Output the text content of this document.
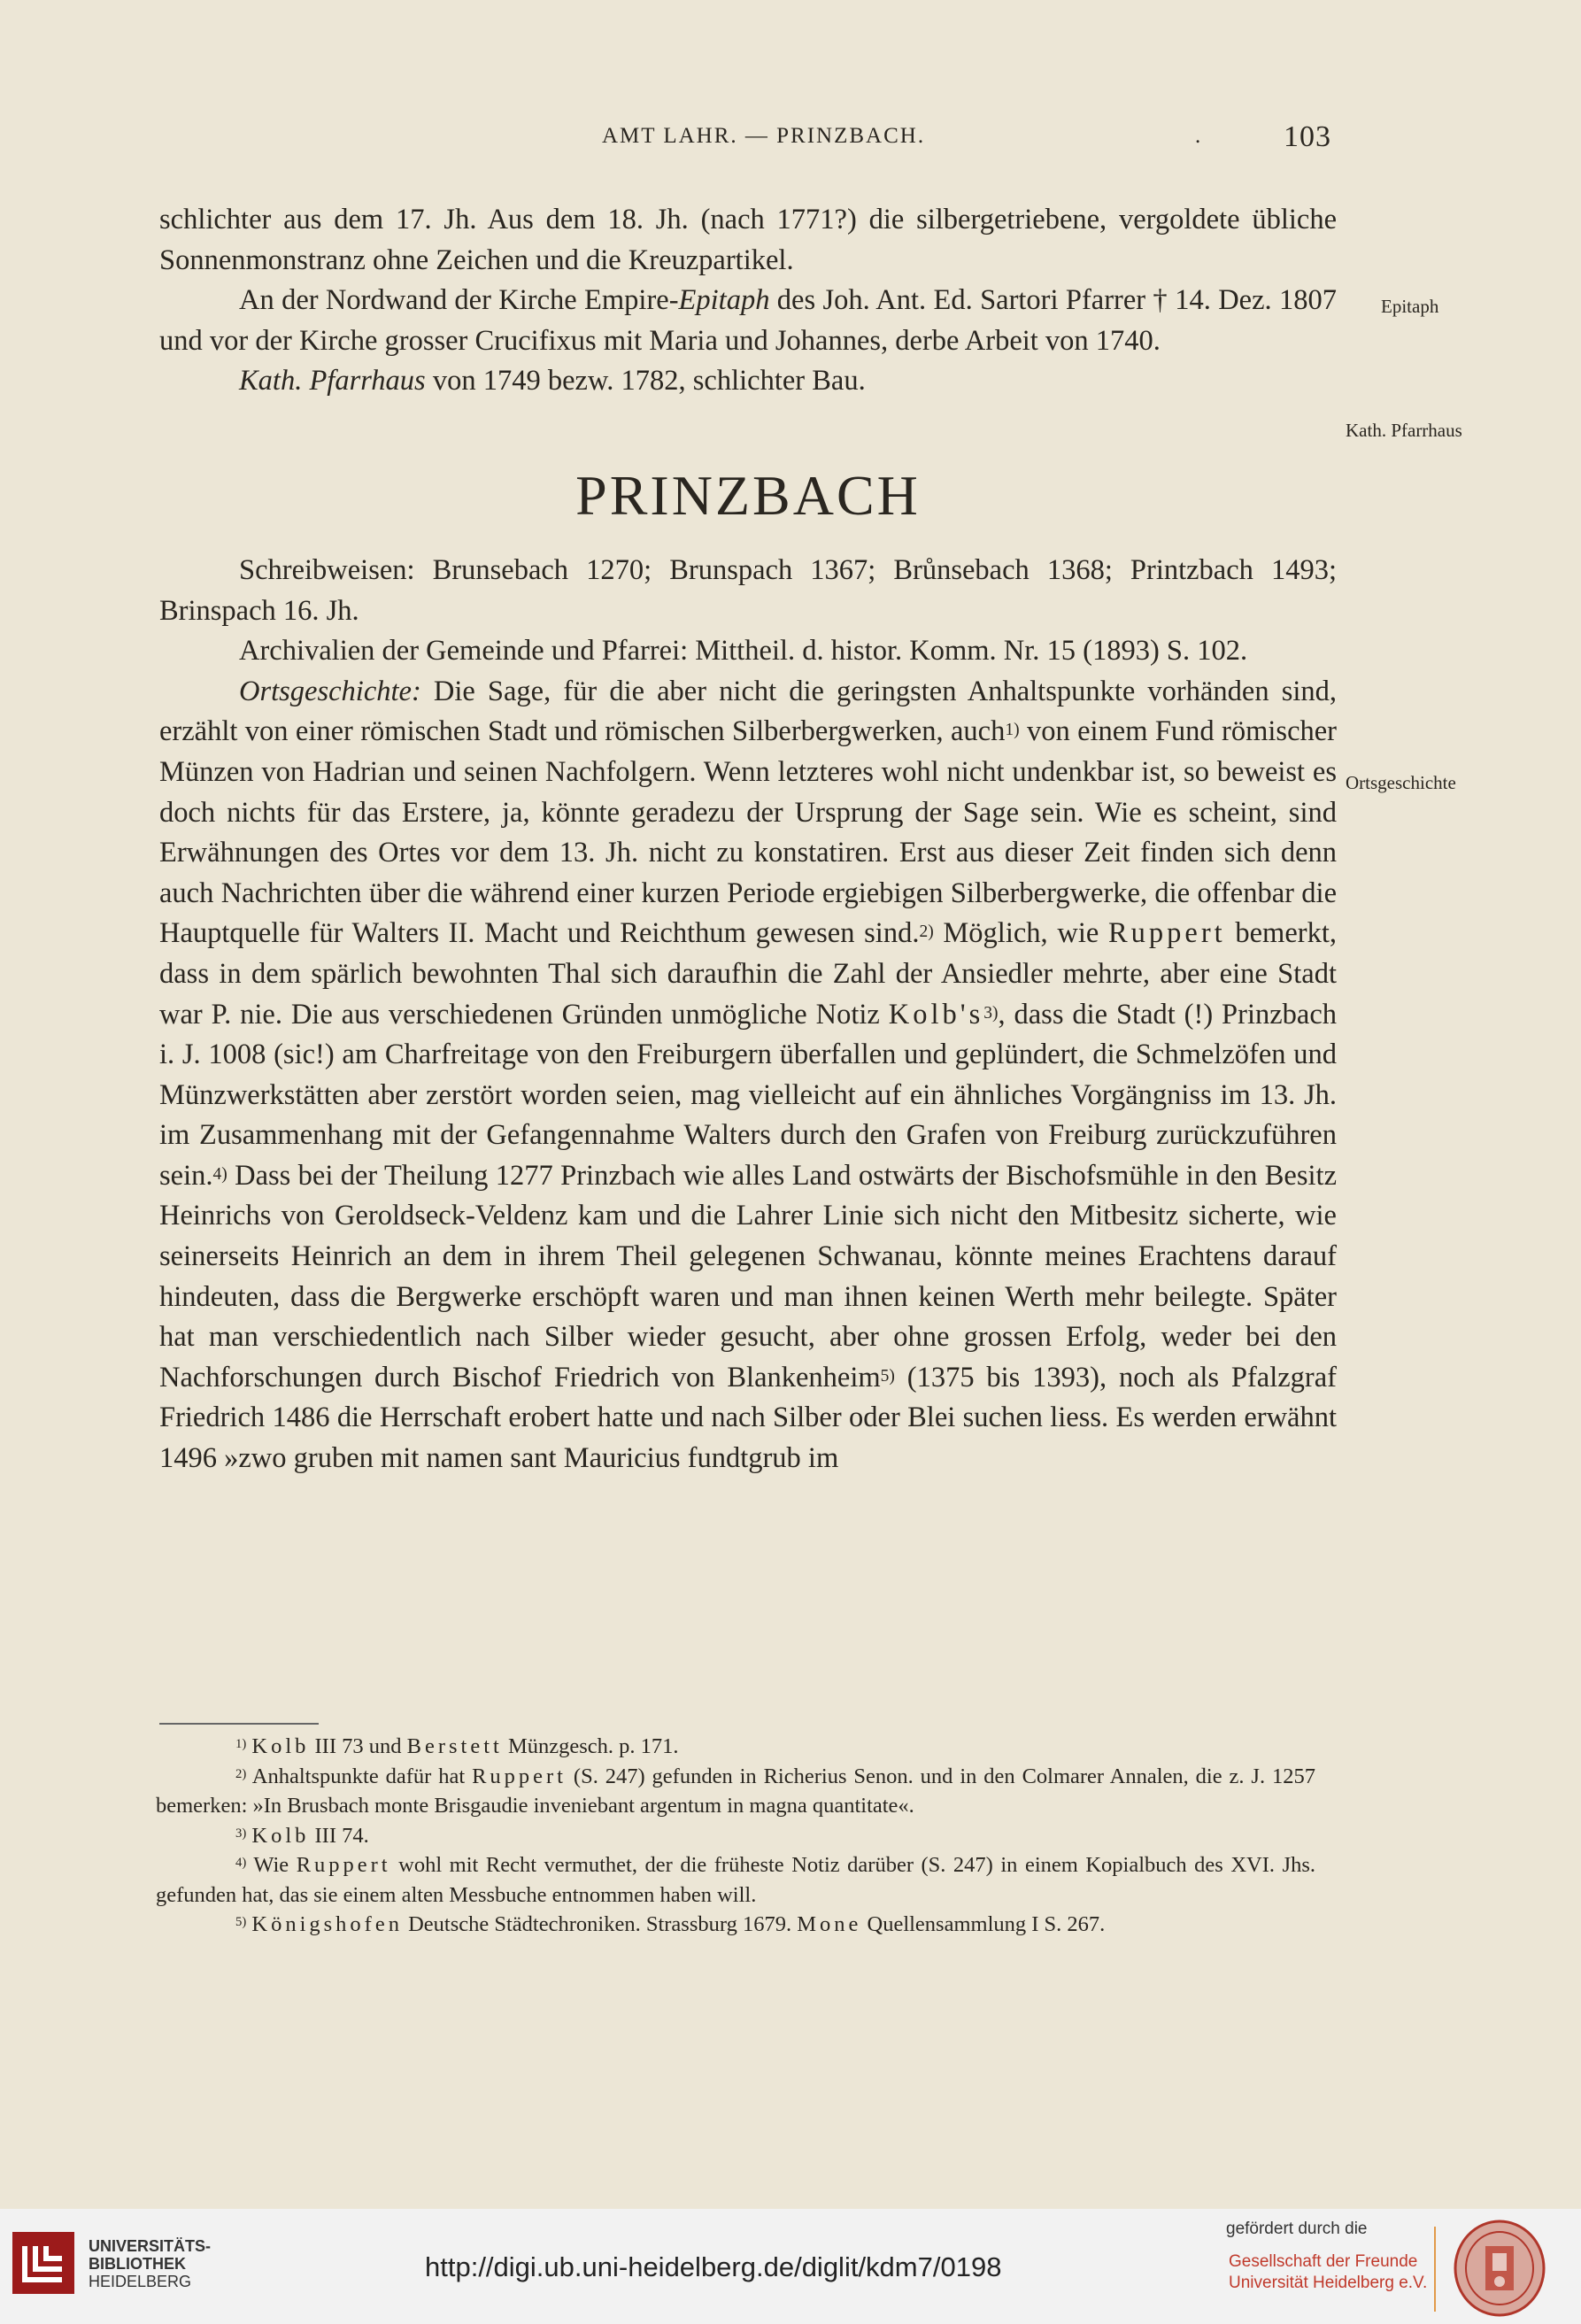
AMT LAHR. — PRINZBACH.	.	103
Epitaph
Kath. Pfarrhaus
Ortsgeschichte

schlichter aus dem 17. Jh. Aus dem 18. Jh. (nach 1771?) die silbergetriebene, vergoldete übliche Sonnenmonstranz ohne Zeichen und die Kreuzpartikel.

An der Nordwand der Kirche Empire-Epitaph des Joh. Ant. Ed. Sartori Pfarrer † 14. Dez. 1807 und vor der Kirche grosser Crucifixus mit Maria und Johannes, derbe Arbeit von 1740.

Kath. Pfarrhaus von 1749 bezw. 1782, schlichter Bau.

PRINZBACH

Schreibweisen: Brunsebach 1270; Brunspach 1367; Brůnsebach 1368; Printzbach 1493; Brinspach 16. Jh.

Archivalien der Gemeinde und Pfarrei: Mittheil. d. histor. Komm. Nr. 15 (1893) S. 102.

Ortsgeschichte: Die Sage, für die aber nicht die geringsten Anhaltspunkte vorhänden sind, erzählt von einer römischen Stadt und römischen Silberbergwerken, auch$^{1)}$ von einem Fund römischer Münzen von Hadrian und seinen Nachfolgern. Wenn letzteres wohl nicht undenkbar ist, so beweist es doch nichts für das Erstere, ja, könnte geradezu der Ursprung der Sage sein. Wie es scheint, sind Erwähnungen des Ortes vor dem 13. Jh. nicht zu konstatiren. Erst aus dieser Zeit finden sich denn auch Nachrichten über die während einer kurzen Periode ergiebigen Silberbergwerke, die offenbar die Hauptquelle für Walters II. Macht und Reichthum gewesen sind.$^{2)}$ Möglich, wie Ruppert bemerkt, dass in dem spärlich bewohnten Thal sich daraufhin die Zahl der Ansiedler mehrte, aber eine Stadt war P. nie. Die aus verschiedenen Gründen unmögliche Notiz $Kolb's^{3)}$, dass die Stadt (!) Prinzbach i. J. 1008 (sic!) am Charfreitage von den Freiburgern überfallen und geplündert, die Schmelzöfen und Münzwerkstätten aber zerstört worden seien, mag vielleicht auf ein ähnliches Vorgängniss im 13. Jh. im Zusammenhang mit der Gefangennahme Walters durch den Grafen von Freiburg zurückzuführen sein.$^{4)}$ Dass bei der Theilung 1277 Prinzbach wie alles Land ostwärts der Bischofsmühle in den Besitz Heinrichs von Geroldseck-Veldenz kam und die Lahrer Linie sich nicht den Mitbesitz sicherte, wie seinerseits Heinrich an dem in ihrem Theil gelegenen Schwanau, könnte meines Erachtens darauf hindeuten, dass die Bergwerke erschöpft waren und man ihnen keinen Werth mehr beilegte. Später hat man verschiedentlich nach Silber wieder gesucht, aber ohne grossen Erfolg, weder bei den Nachforschungen durch Bischof Friedrich von Blankenheim$^{5)}$ (1375 bis 1393), noch als Pfalzgraf Friedrich 1486 die Herrschaft erobert hatte und nach Silber oder Blei suchen liess. Es werden erwähnt 1496 »zwo gruben mit namen sant Mauricius fundtgrub im

$^{1)}$ Kolb III 73 und Berstett Münzgesch. p. 171.

$^{2)}$ Anhaltspunkte dafür hat Ruppert (S. 247) gefunden in Richerius Senon. und in den Colmarer Annalen, die z. J. 1257 bemerken: »In Brusbach monte Brisgaudie inveniebant argentum in magna quantitate«.

$^{3)}$ Kolb III 74.

$^{4)}$ Wie Ruppert wohl mit Recht vermuthet, der die früheste Notiz darüber (S. 247) in einem Kopialbuch des XVI. Jhs. gefunden hat, das sie einem alten Messbuche entnommen haben will.

$^{5)}$ Königshofen Deutsche Städtechroniken. Strassburg 1679. Mone Quellensammlung I S. 267.

UNIVERSITÄTS-
BIBLIOTHEK
HEIDELBERG	http://digi.ub.uni-heidelberg.de/diglit/kdm7/0198
gefördert durch die
Gesellschaft der Freunde
Universität Heidelberg e.V.
